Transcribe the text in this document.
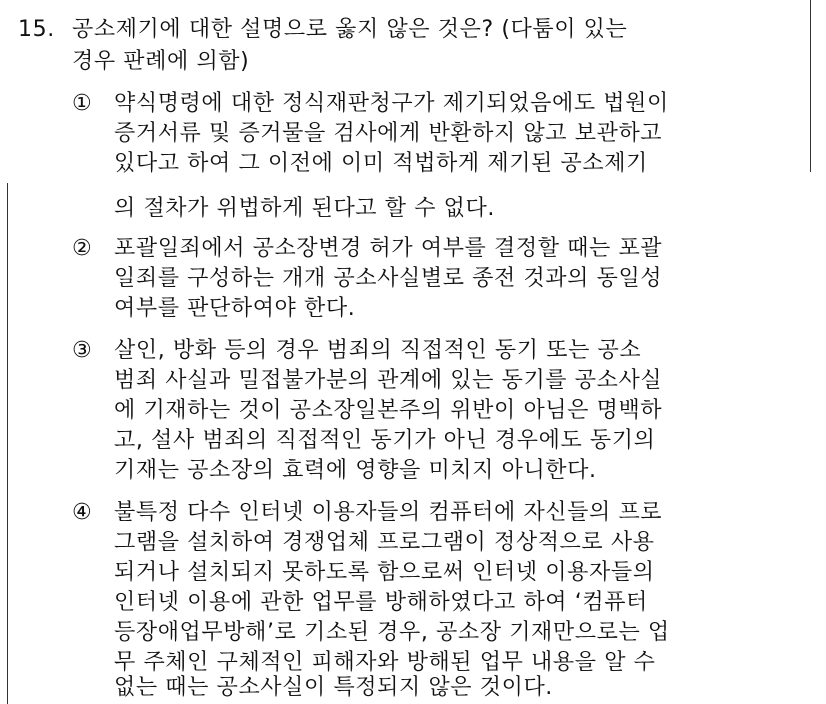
15. 공소제기에 대한 설명으로 옳지 않은 것은? (다툼이 있는
경우 판례에 의함)
① 약식명령에 대한 정식재판청구가 제기되었음에도 법원이
증거서류 및 증거물을 검사에게 반환하지 않고 보관하고
있다고 하여 그 이전에 이미 적법하게 제기된 공소제기
의 절차가 위법하게 된다고 할 수 없다.
② 포괄일죄에서 공소장변경 허가 여부를 결정할 때는 포괄
일죄를 구성하는 개개 공소사실별로 종전 것과의 동일성
여부를 판단하여야 한다.
③ 살인, 방화 등의 경우 범죄의 직접적인 동기 또는 공소
범죄 사실과 밀접불가분의 관계에 있는 동기를 공소사실
에 기재하는 것이 공소장일본주의 위반이 아님은 명백하
고, 설사 범죄의 직접적인 동기가 아닌 경우에도 동기의
기재는 공소장의 효력에 영향을 미치지 아니한다.
④ 불특정 다수 인터넷 이용자들의 컴퓨터에 자신들의 프로
그램을 설치하여 경쟁업체 프로그램이 정상적으로 사용
되거나 설치되지 못하도록 함으로써 인터넷 이용자들의
인터넷 이용에 관한 업무를 방해하였다고 하여 ‘컴퓨터
등장애업무방해’로 기소된 경우, 공소장 기재만으로는 업
무 주체인 구체적인 피해자와 방해된 업무 내용을 알 수
없는 때는 공소사실이 특정되지 않은 것이다.
